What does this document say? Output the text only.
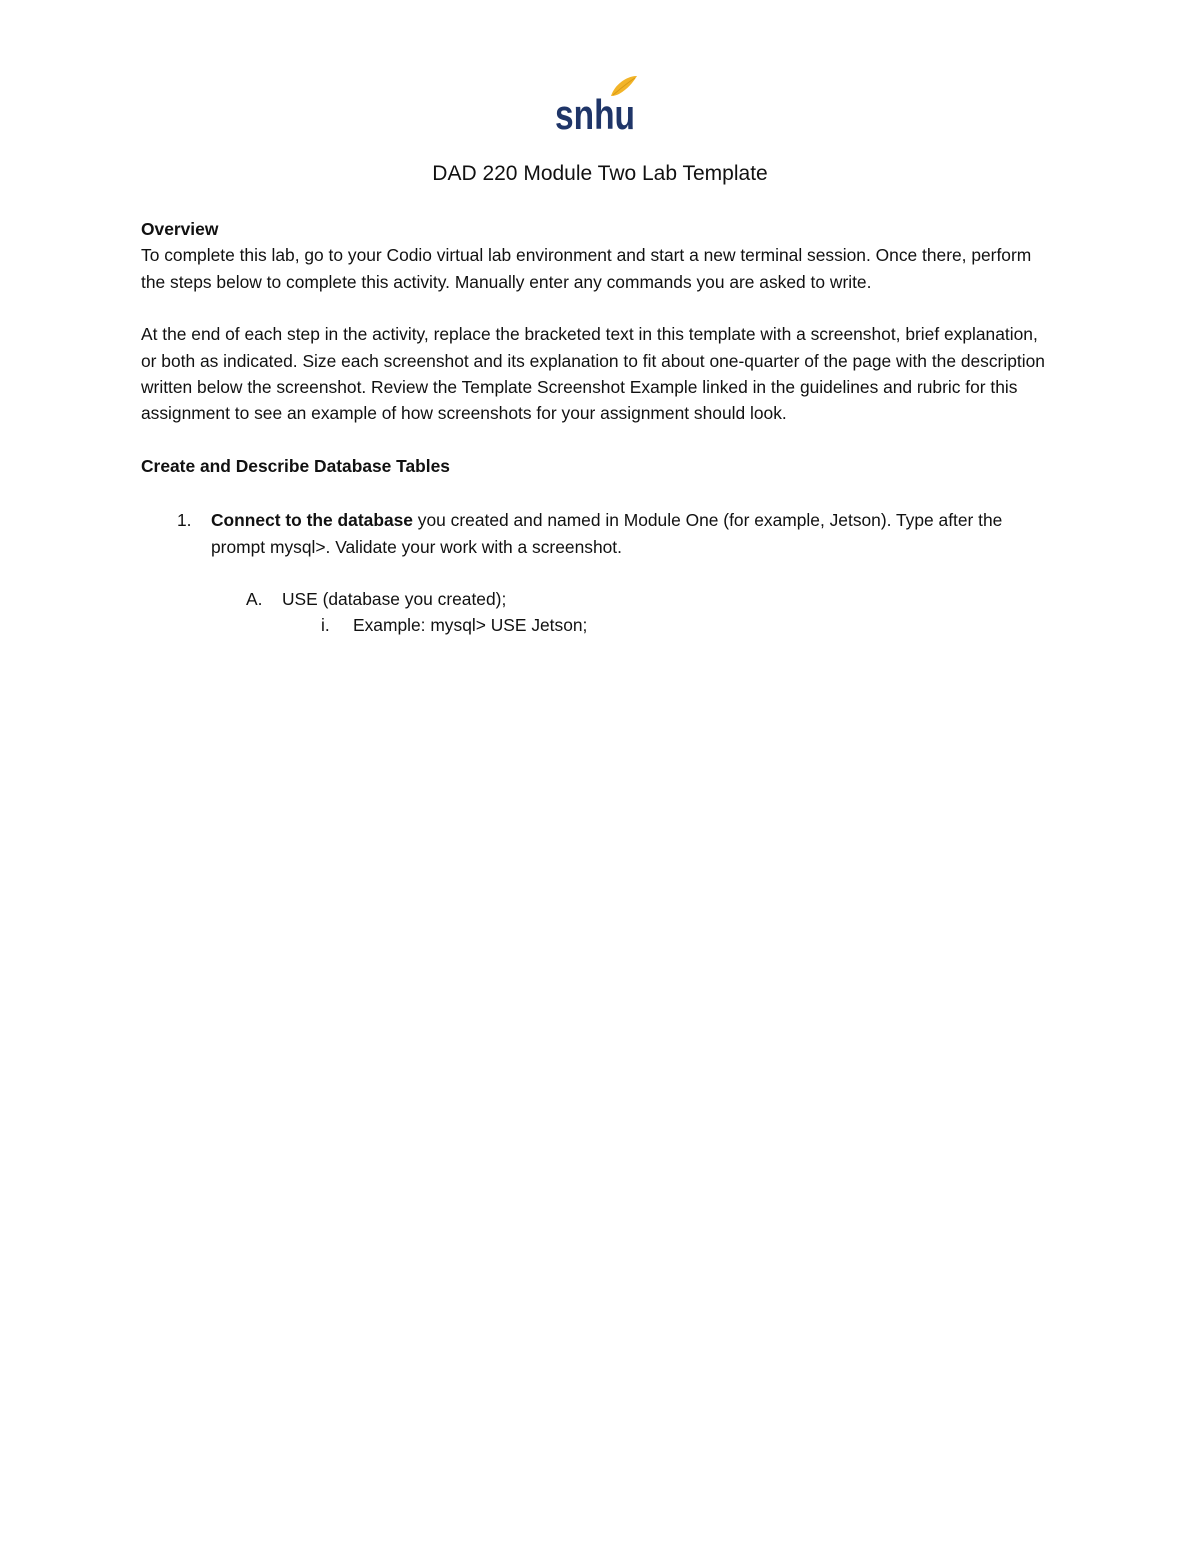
snhu
DAD 220 Module Two Lab Template

Overview

To complete this lab, go to your Codio virtual lab environment and start a new terminal session. Once there, perform the steps below to complete this activity. Manually enter any commands you are asked to write.

At the end of each step in the activity, replace the bracketed text in this template with a screenshot, brief explanation, or both as indicated. Size each screenshot and its explanation to fit about one-quarter of the page with the description written below the screenshot. Review the Template Screenshot Example linked in the guidelines and rubric for this assignment to see an example of how screenshots for your assignment should look.

Create and Describe Database Tables

1. Connect to the database you created and named in Module One (for example, Jetson). Type after the prompt mysql>. Validate your work with a screenshot.
A. USE (database you created);
i. Example: mysql> USE Jetson;
